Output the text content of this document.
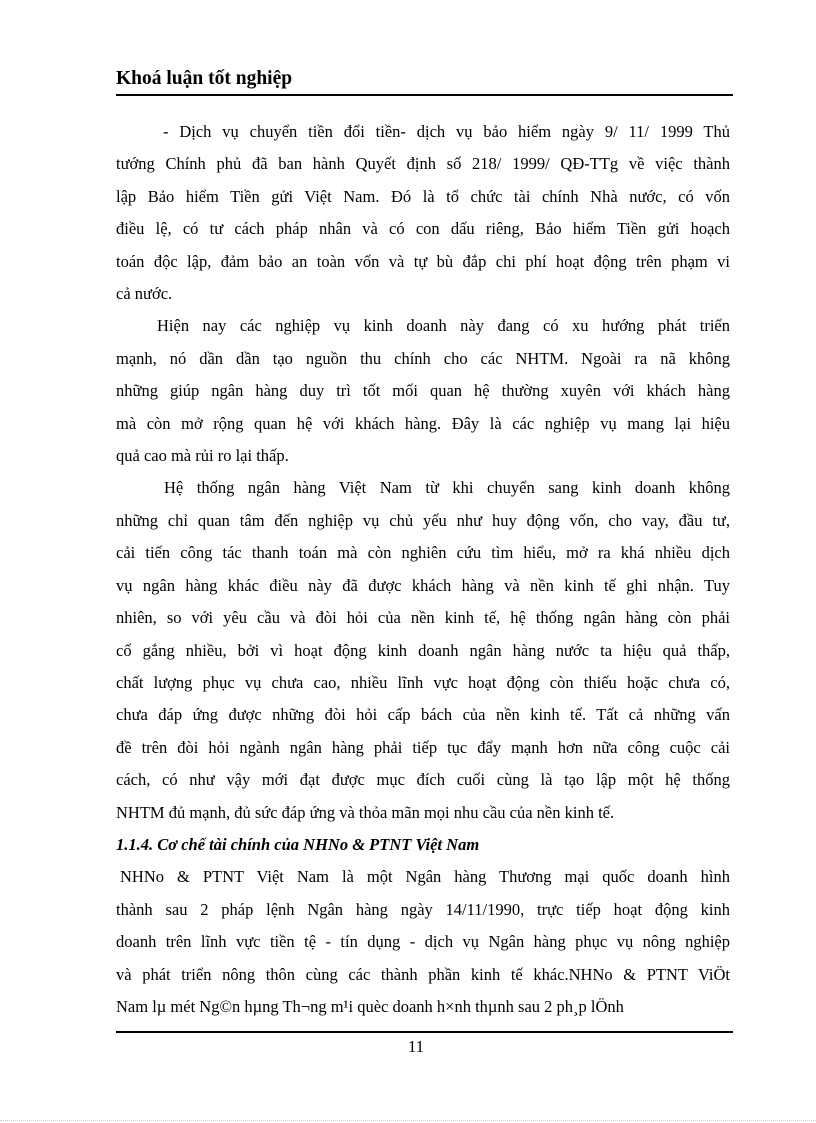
Khoá luận tốt nghiệp

- Dịch vụ chuyển tiền đổi tiền- dịch vụ bảo hiểm ngày 9/ 11/ 1999 Thủ
tướng Chính phủ đã ban hành Quyết định số 218/ 1999/ QĐ-TTg về việc thành
lập Bảo hiểm Tiền gửi Việt Nam. Đó là tổ chức tài chính Nhà nước, có vốn
điều lệ, có tư cách pháp nhân và có con dấu riêng, Bảo hiểm Tiền gửi hoạch
toán độc lập, đảm bảo an toàn vốn và tự bù đắp chi phí hoạt động trên phạm vi
cả nước.

Hiện nay các nghiệp vụ kinh doanh này đang có xu hướng phát triển
mạnh, nó dần dần tạo nguồn thu chính cho các NHTM. Ngoài ra nã không
những giúp ngân hàng duy trì tốt mối quan hệ thường xuyên với khách hàng
mà còn mở rộng quan hệ với khách hàng. Đây là các nghiệp vụ mang lại hiệu
quả cao mà rủi ro lại thấp.

Hệ thống ngân hàng Việt Nam từ khi chuyển sang kinh doanh không
những chỉ quan tâm đến nghiệp vụ chủ yếu như huy động vốn, cho vay, đầu tư,
cải tiến công tác thanh toán mà còn nghiên cứu tìm hiểu, mở ra khá nhiều dịch
vụ ngân hàng khác điều này đã được khách hàng và nền kinh tế ghi nhận. Tuy
nhiên, so với yêu cầu và đòi hỏi của nền kinh tế, hệ thống ngân hàng còn phải
cố gắng nhiều, bởi vì hoạt động kinh doanh ngân hàng nước ta hiệu quả thấp,
chất lượng phục vụ chưa cao, nhiều lĩnh vực hoạt động còn thiếu hoặc chưa có,
chưa đáp ứng được những đòi hỏi cấp bách của nền kinh tế. Tất cả những vấn
đề trên đòi hỏi ngành ngân hàng phải tiếp tục đẩy mạnh hơn nữa công cuộc cải
cách, có như vậy mới đạt được mục đích cuối cùng là tạo lập một hệ thống
NHTM đủ mạnh, đủ sức đáp ứng và thỏa mãn mọi nhu cầu của nền kinh tế.

1.1.4. Cơ chế tài chính của NHNo & PTNT Việt Nam

NHNo & PTNT Việt Nam là một Ngân hàng Thương mại quốc doanh hình
thành sau 2 pháp lệnh Ngân hàng ngày 14/11/1990, trực tiếp hoạt động kinh
doanh trên lĩnh vực tiền tệ - tín dụng - dịch vụ Ngân hàng phục vụ nông nghiệp
và phát triển nông thôn cùng các thành phần kinh tế khác.NHNo & PTNT ViÖt
Nam lµ mét Ng©n hµng Th¬ng m¹i quèc doanh h×nh thµnh sau 2 ph¸p lÖnh

11
